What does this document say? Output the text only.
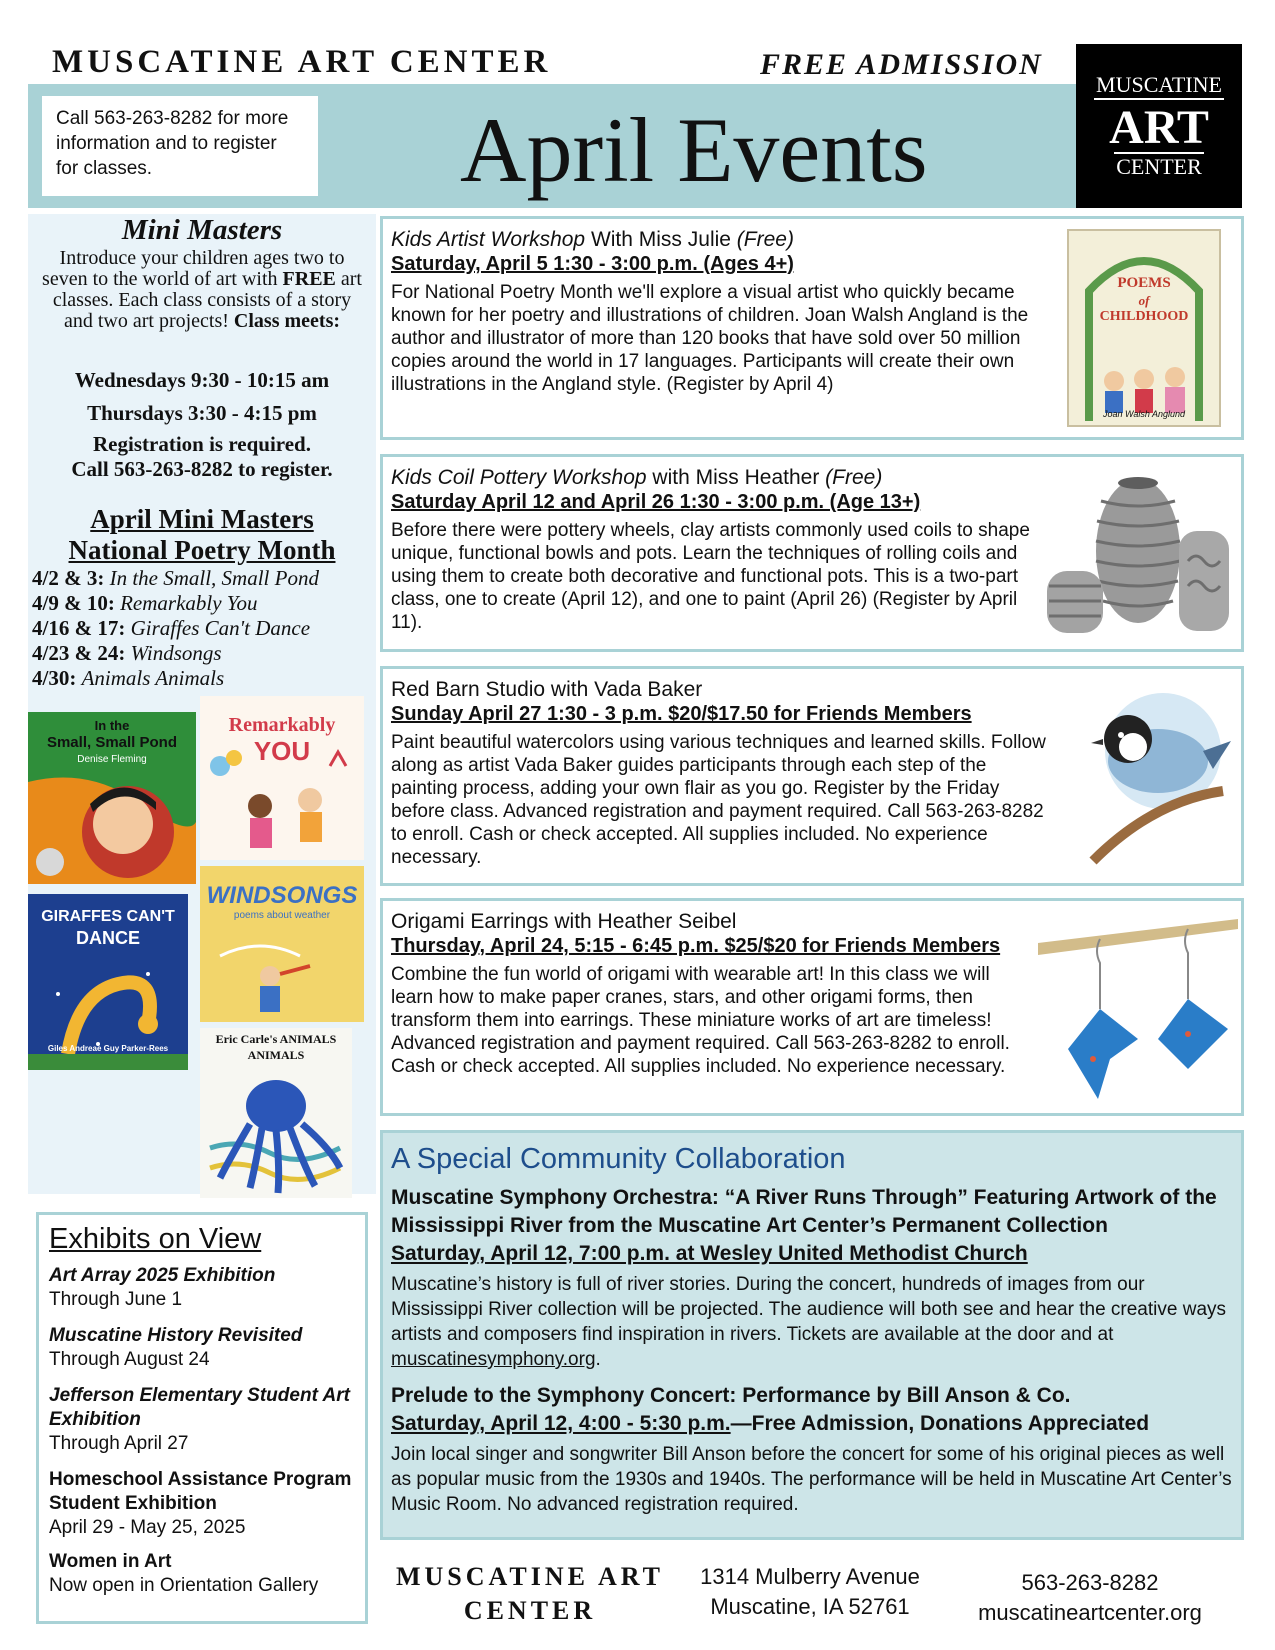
MUSCATINE ART CENTER	FREE ADMISSION
Call 563-263-8282 for more information and to register for classes.	April Events
MUSCATINE
ART
CENTER
Mini Masters
Introduce your children ages two to seven to the world of art with FREE art classes. Each class consists of a story and two art projects! Class meets:
Wednesdays 9:30 - 10:15 am
Thursdays 3:30 - 4:15 pm
Registration is required.
Call 563-263-8282 to register.
April Mini Masters
National Poetry Month
4/2 & 3: In the Small, Small Pond
4/9 & 10: Remarkably You
4/16 & 17: Giraffes Can't Dance
4/23 & 24: Windsongs
4/30: Animals Animals
In the
Small, Small Pond
Denise Fleming
Remarkably
YOU
GIRAFFES CAN'T
DANCE
Giles Andreae Guy Parker-Rees
WINDSONGS
poems about weather
Eric Carle's ANIMALS
ANIMALS
Exhibits on View
Art Array 2025 Exhibition
Through June 1
Muscatine History Revisited
Through August 24
Jefferson Elementary Student Art Exhibition
Through April 27
Homeschool Assistance Program Student Exhibition
April 29 - May 25, 2025
Women in Art
Now open in Orientation Gallery
Kids Artist Workshop With Miss Julie (Free)
Saturday, April 5 1:30 - 3:00 p.m. (Ages 4+)
For National Poetry Month we'll explore a visual artist who quickly became known for her poetry and illustrations of children. Joan Walsh Angland is the author and illustrator of more than 120 books that have sold over 50 million copies around the world in 17 languages. Participants will create their own illustrations in the Angland style. (Register by April 4)
POEMS
of
CHILDHOOD
Joan Walsh Anglund
Kids Coil Pottery Workshop with Miss Heather (Free)
Saturday April 12 and April 26 1:30 - 3:00 p.m. (Age 13+)
Before there were pottery wheels, clay artists commonly used coils to shape unique, functional bowls and pots. Learn the techniques of rolling coils and using them to create both decorative and functional pots. This is a two-part class, one to create (April 12), and one to paint (April 26) (Register by April 11).
Red Barn Studio with Vada Baker
Sunday April 27 1:30 - 3 p.m. $20/$17.50 for Friends Members
Paint beautiful watercolors using various techniques and learned skills. Follow along as artist Vada Baker guides participants through each step of the painting process, adding your own flair as you go. Register by the Friday before class. Advanced registration and payment required. Call 563-263-8282 to enroll. Cash or check accepted. All supplies included. No experience necessary.
Origami Earrings with Heather Seibel
Thursday, April 24, 5:15 - 6:45 p.m. $25/$20 for Friends Members
Combine the fun world of origami with wearable art! In this class we will learn how to make paper cranes, stars, and other origami forms, then transform them into earrings. These miniature works of art are timeless! Advanced registration and payment required. Call 563-263-8282 to enroll. Cash or check accepted. All supplies included. No experience necessary.
A Special Community Collaboration
Muscatine Symphony Orchestra: “A River Runs Through” Featuring Artwork of the Mississippi River from the Muscatine Art Center’s Permanent Collection
Saturday, April 12, 7:00 p.m. at Wesley United Methodist Church
Muscatine’s history is full of river stories. During the concert, hundreds of images from our Mississippi River collection will be projected. The audience will both see and hear the creative ways artists and composers find inspiration in rivers. Tickets are available at the door and at muscatinesymphony.org.
Prelude to the Symphony Concert: Performance by Bill Anson & Co.
Saturday, April 12, 4:00 - 5:30 p.m.—Free Admission, Donations Appreciated
Join local singer and songwriter Bill Anson before the concert for some of his original pieces as well as popular music from the 1930s and 1940s. The performance will be held in Muscatine Art Center’s Music Room. No advanced registration required.
MUSCATINE ART
CENTER
1314 Mulberry Avenue
Muscatine, IA 52761
563-263-8282
muscatineartcenter.org
